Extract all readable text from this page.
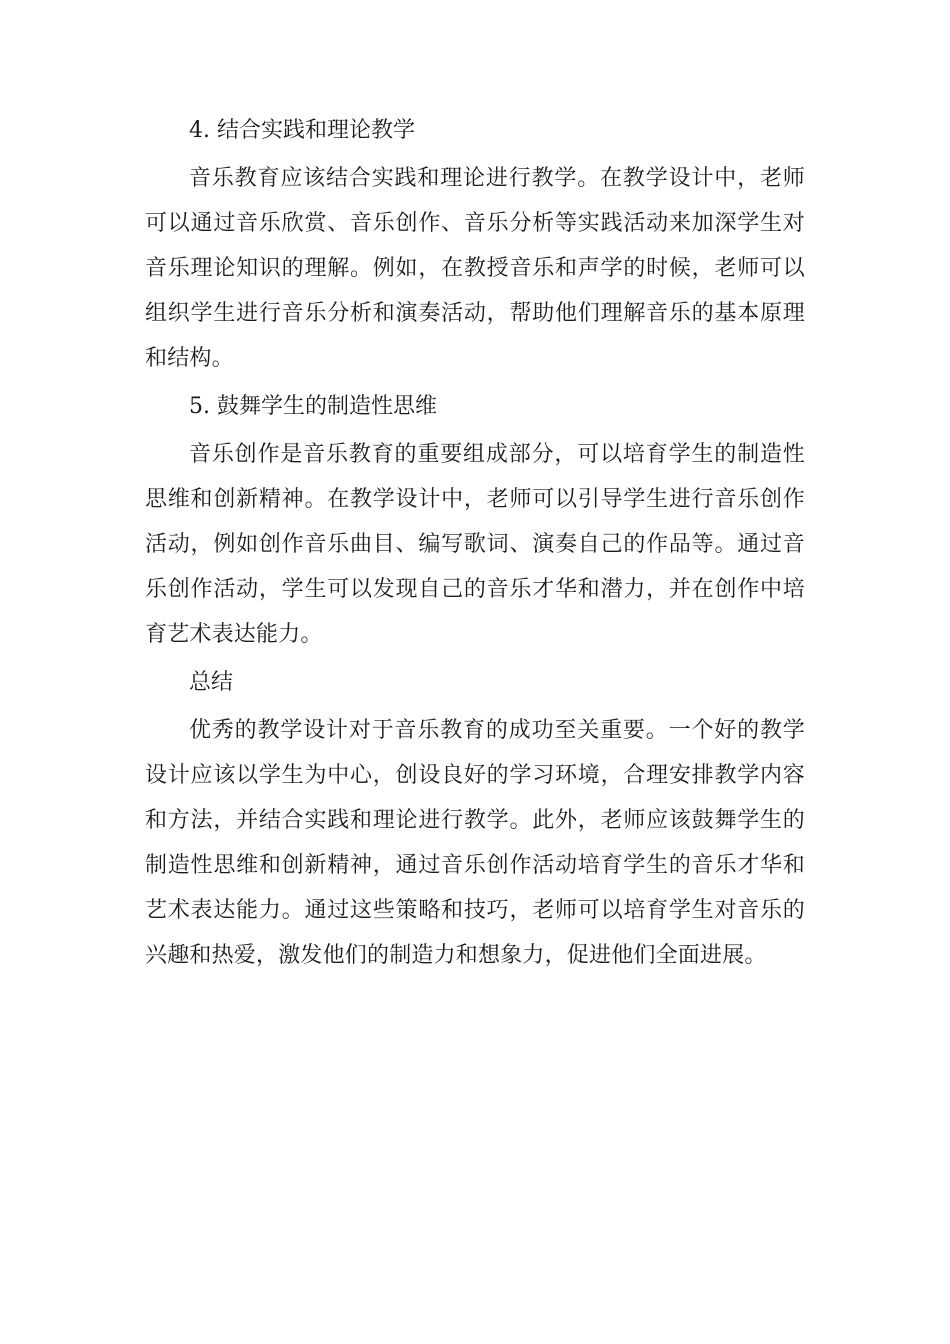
4. 结合实践和理论教学

音乐教育应该结合实践和理论进行教学。在教学设计中，老师可以通过音乐欣赏、音乐创作、音乐分析等实践活动来加深学生对音乐理论知识的理解。例如，在教授音乐和声学的时候，老师可以组织学生进行音乐分析和演奏活动，帮助他们理解音乐的基本原理和结构。

5. 鼓舞学生的制造性思维

音乐创作是音乐教育的重要组成部分，可以培育学生的制造性思维和创新精神。在教学设计中，老师可以引导学生进行音乐创作活动，例如创作音乐曲目、编写歌词、演奏自己的作品等。通过音乐创作活动，学生可以发现自己的音乐才华和潜力，并在创作中培育艺术表达能力。

总结

优秀的教学设计对于音乐教育的成功至关重要。一个好的教学设计应该以学生为中心，创设良好的学习环境，合理安排教学内容和方法，并结合实践和理论进行教学。此外，老师应该鼓舞学生的制造性思维和创新精神，通过音乐创作活动培育学生的音乐才华和艺术表达能力。通过这些策略和技巧，老师可以培育学生对音乐的兴趣和热爱，激发他们的制造力和想象力，促进他们全面进展。
